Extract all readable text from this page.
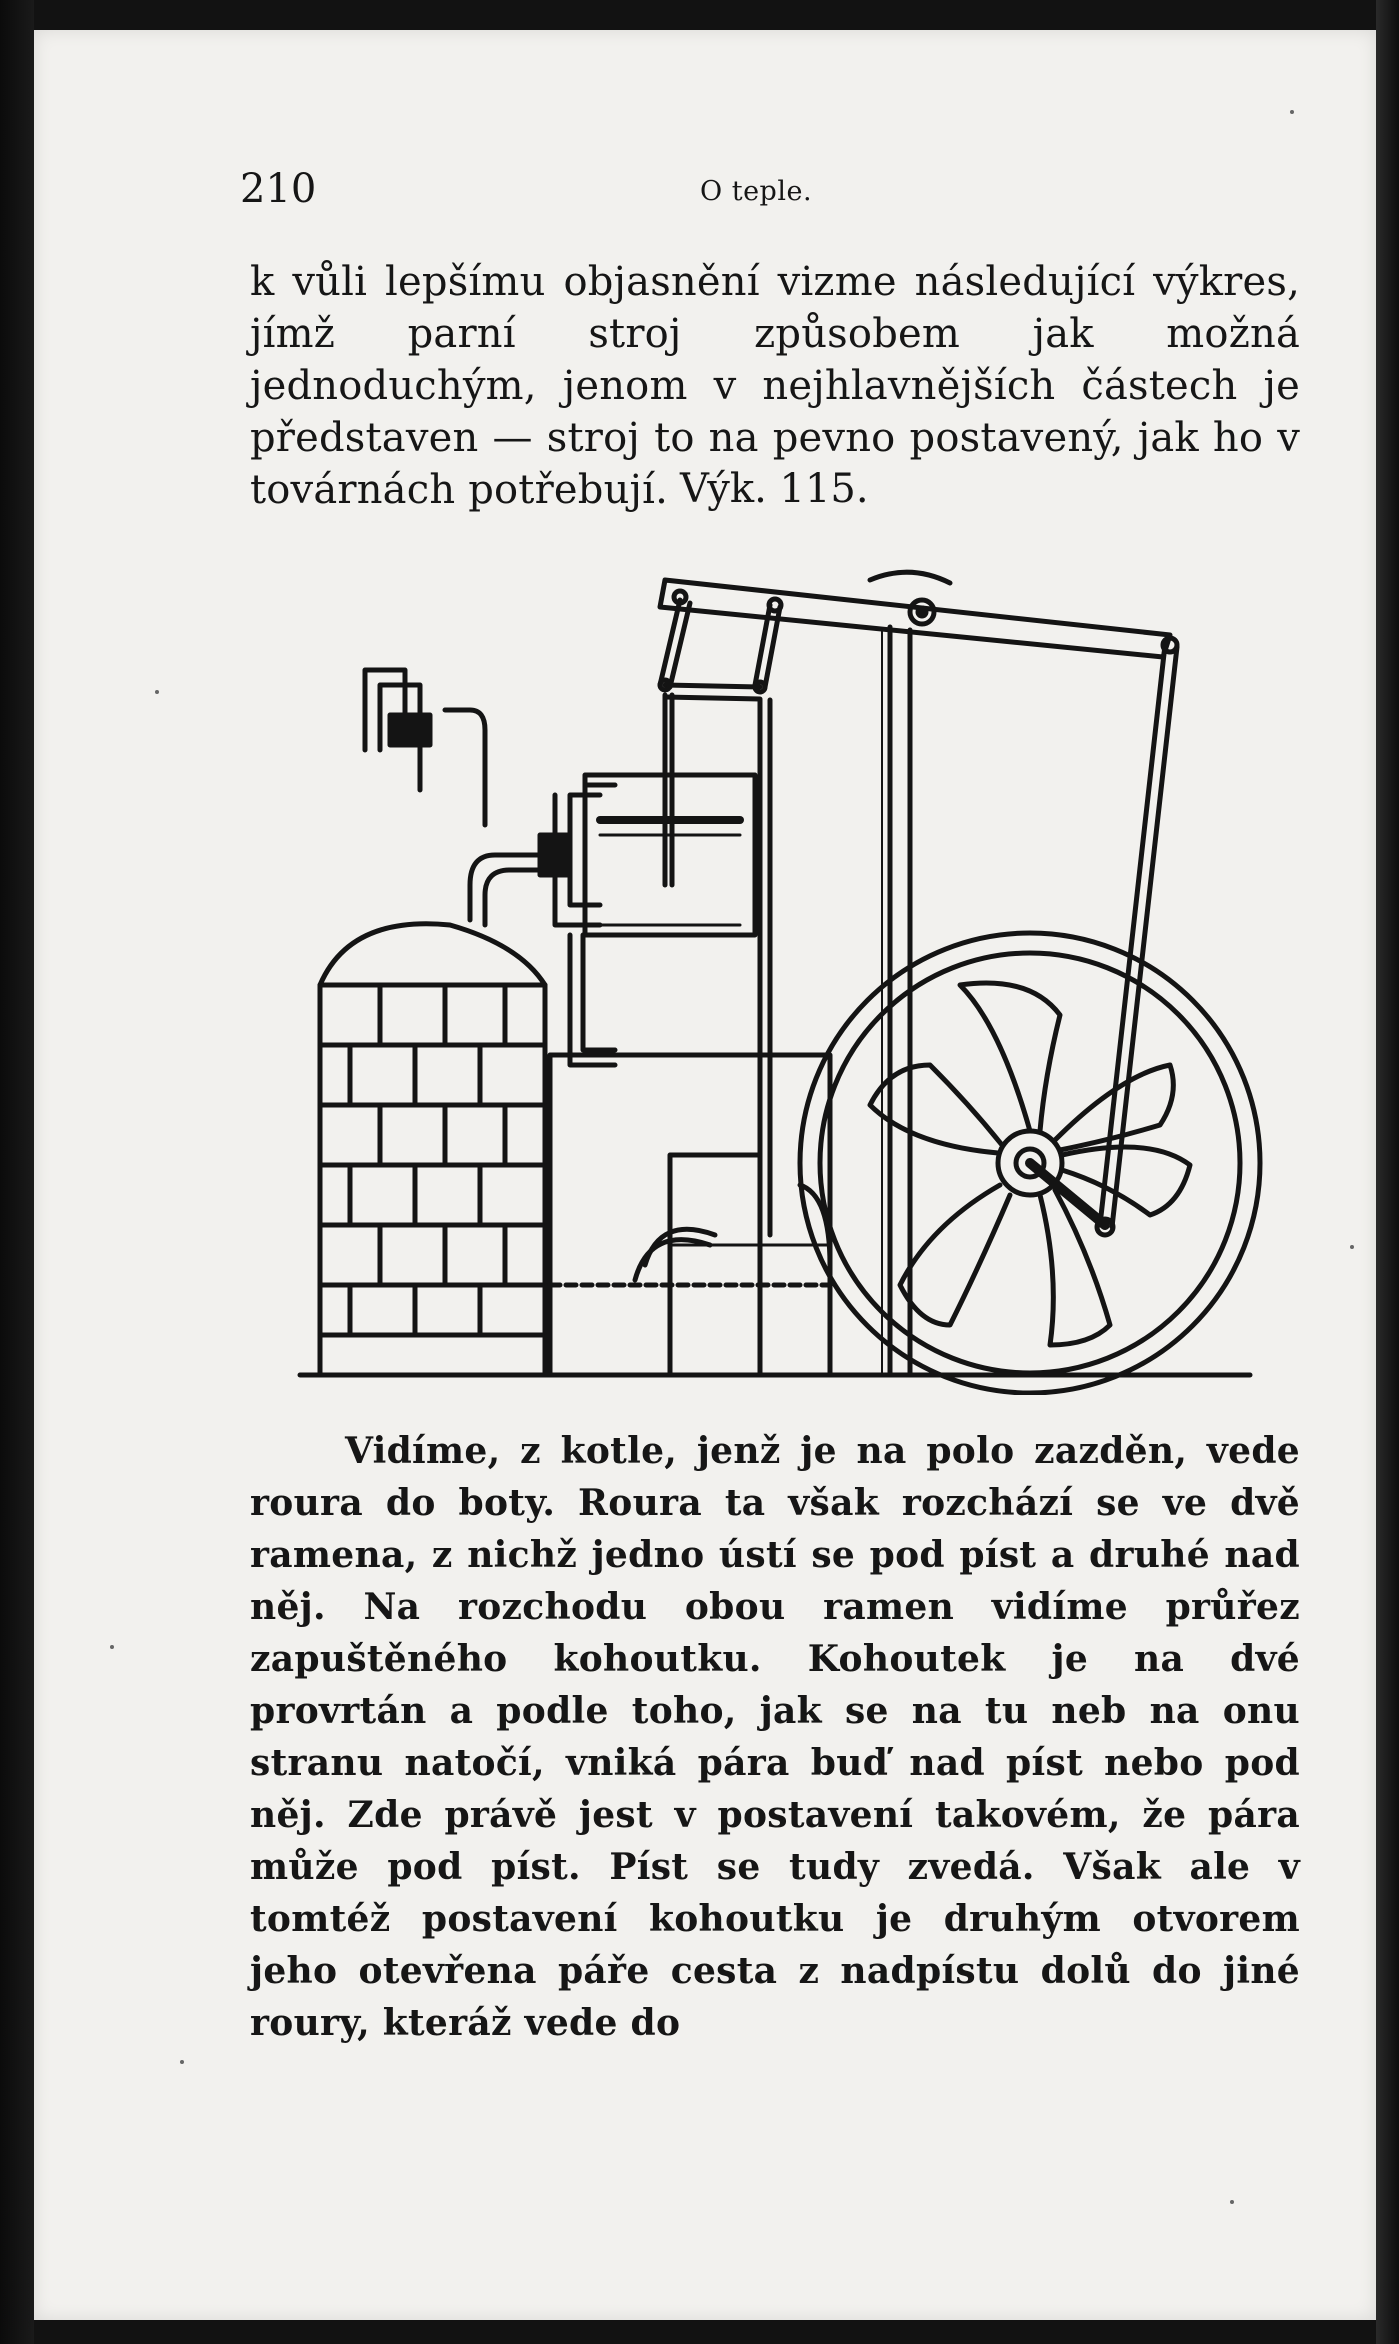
210	O teple.

k vůli lepšímu objasnění vizme následující výkres, jímž parní stroj způsobem jak možná jednoduchým, jenom v nejhlavnějších částech je představen — stroj to na pevno postavený, jak ho v továrnách potřebují. Výk. 115.

Vidíme, z kotle, jenž je na polo zazděn, vede roura do boty. Roura ta však rozchází se ve dvě ramena, z nichž jedno ústí se pod píst a druhé nad něj. Na rozchodu obou ramen vidíme průřez zapuštěného kohoutku. Kohoutek je na dvé provrtán a podle toho, jak se na tu neb na onu stranu natočí, vniká pára buď nad píst nebo pod něj. Zde právě jest v postavení takovém, že pára může pod píst. Píst se tudy zvedá. Však ale v tomtéž postavení kohoutku je druhým otvorem jeho otevřena páře cesta z nadpístu dolů do jiné roury, kteráž vede do
